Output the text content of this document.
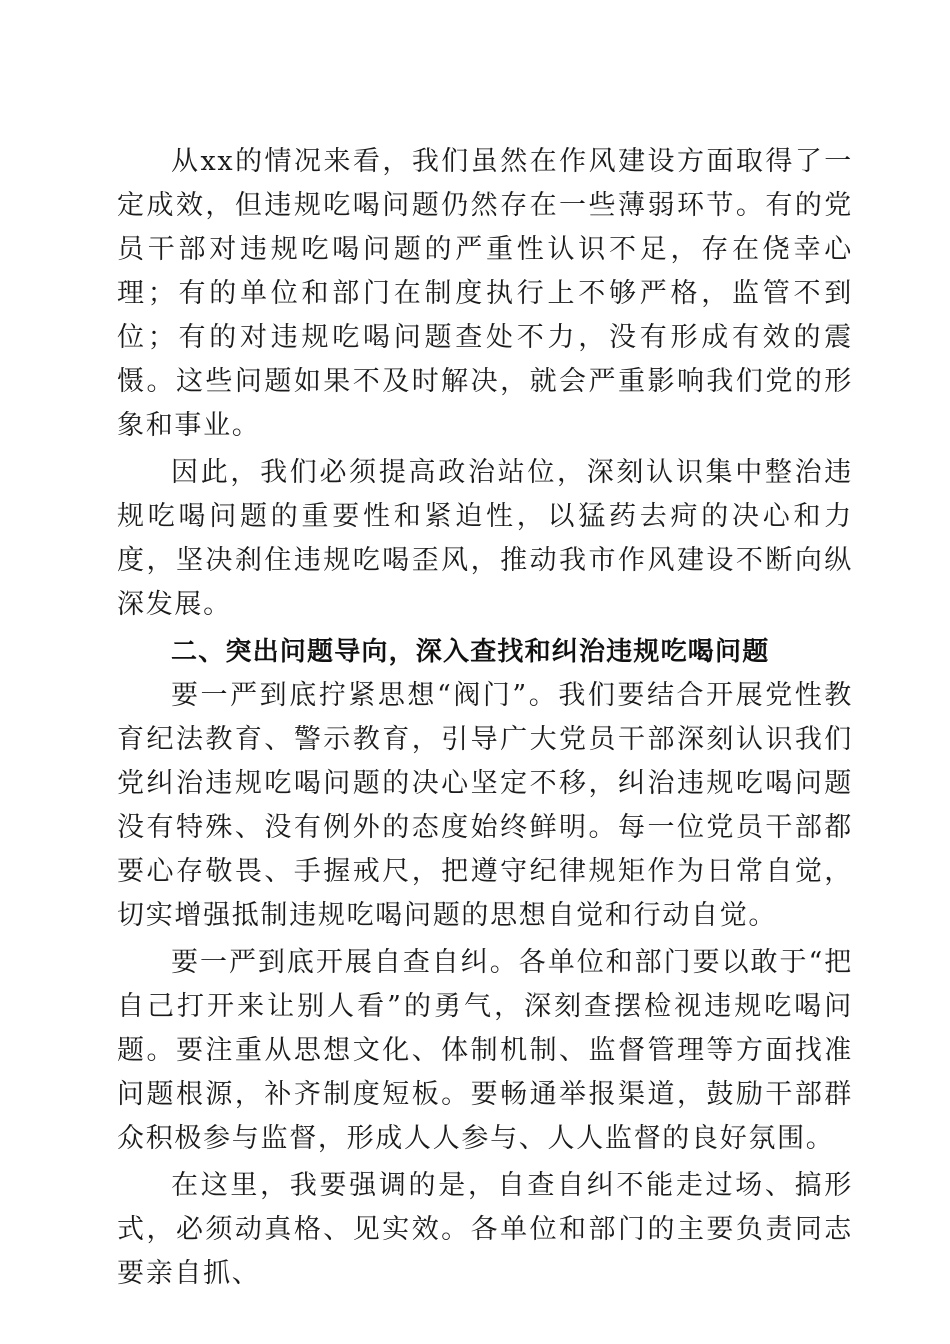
从xx的情况来看，我们虽然在作风建设方面取得了一定成效，但违规吃喝问题仍然存在一些薄弱环节。有的党员干部对违规吃喝问题的严重性认识不足，存在侥幸心理；有的单位和部门在制度执行上不够严格，监管不到位；有的对违规吃喝问题查处不力，没有形成有效的震慑。这些问题如果不及时解决，就会严重影响我们党的形象和事业。

因此，我们必须提高政治站位，深刻认识集中整治违规吃喝问题的重要性和紧迫性，以猛药去疴的决心和力度，坚决刹住违规吃喝歪风，推动我市作风建设不断向纵深发展。

二、突出问题导向，深入查找和纠治违规吃喝问题

要一严到底拧紧思想“阀门”。我们要结合开展党性教育纪法教育、警示教育，引导广大党员干部深刻认识我们党纠治违规吃喝问题的决心坚定不移，纠治违规吃喝问题没有特殊、没有例外的态度始终鲜明。每一位党员干部都要心存敬畏、手握戒尺，把遵守纪律规矩作为日常自觉，切实增强抵制违规吃喝问题的思想自觉和行动自觉。

要一严到底开展自查自纠。各单位和部门要以敢于“把自己打开来让别人看”的勇气，深刻查摆检视违规吃喝问题。要注重从思想文化、体制机制、监督管理等方面找准问题根源，补齐制度短板。要畅通举报渠道，鼓励干部群众积极参与监督，形成人人参与、人人监督的良好氛围。

在这里，我要强调的是，自查自纠不能走过场、搞形式，必须动真格、见实效。各单位和部门的主要负责同志要亲自抓、
